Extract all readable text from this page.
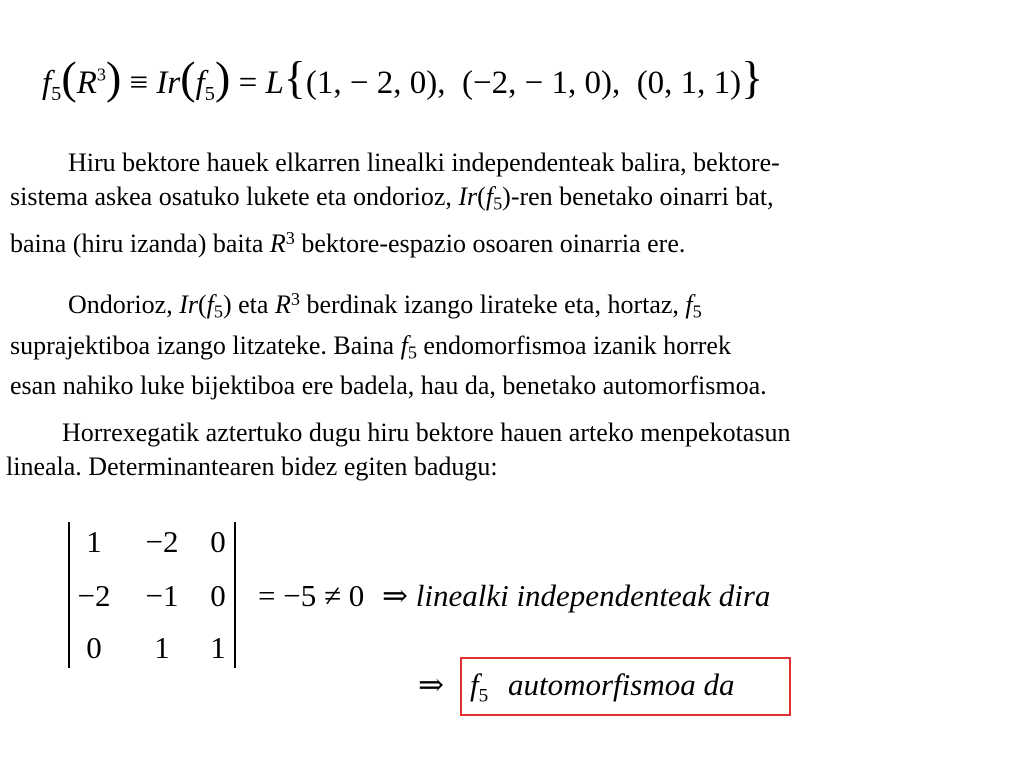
$f_5(R^3) \equiv Ir(f_5) = L\{(1$, − 2, 0), (−2, − 1, 0), (0, 1, 1)}
Hiru bektore hauek elkarren linealki independenteak balira, bektore-
sistema askea osatuko lukete eta ondorioz, Ir(f5)-ren benetako oinarri bat,
baina (hiru izanda) baita $R^3$ bektore-espazio osoaren oinarria ere.
Ondorioz, Ir(f5) eta $R^3$ berdinak izango lirateke eta, hortaz, f5
suprajektiboa izango litzateke. Baina f5 endomorfismoa izanik horrek
esan nahiko luke bijektiboa ere badela, hau da, benetako automorfismoa.
Horrexegatik aztertuko dugu hiru bektore hauen arteko menpekotasun
lineala. Determinantearen bidez egiten badugu:
1	−2	0
−2	−1	0
0	1	1
= −5 ≠ 0 ⇒ linealki independenteak dira
⇒ $f_5$ automorfismoa da
